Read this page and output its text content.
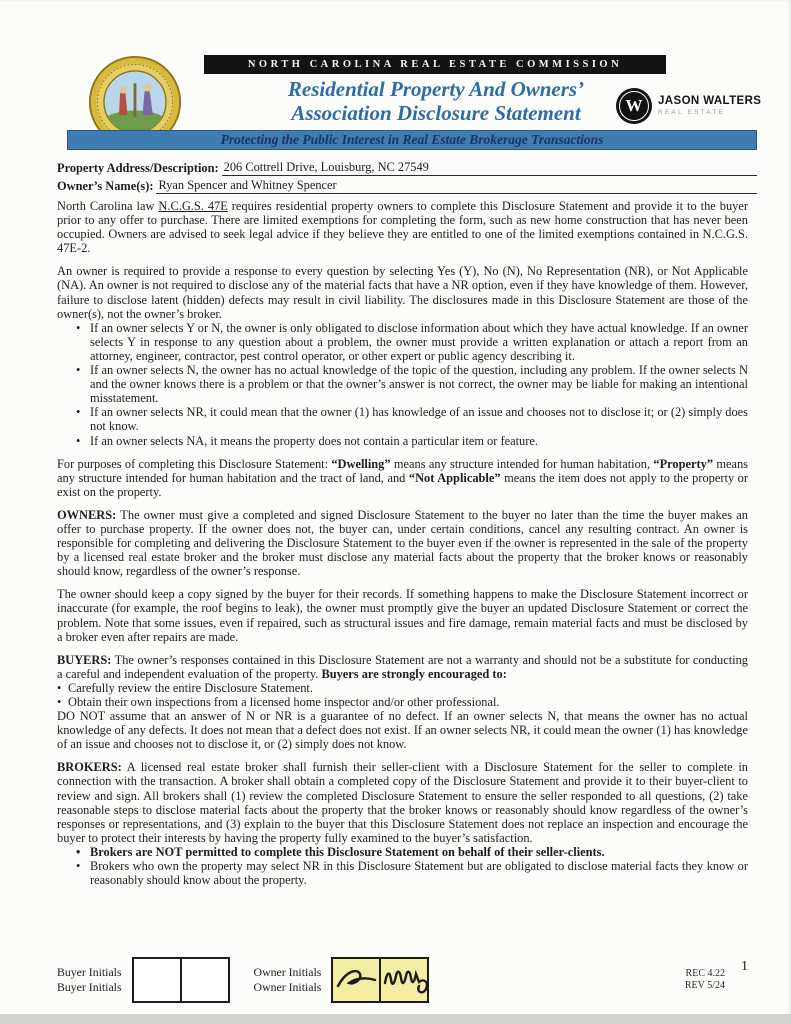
NORTH CAROLINA REAL ESTATE COMMISSION
Residential Property And Owners’
Association Disclosure Statement	W JASON WALTERS
REAL ESTATE
Protecting the Public Interest in Real Estate Brokerage Transactions
Property Address/Description: 206 Cottrell Drive, Louisburg, NC 27549
Owner’s Name(s): Ryan Spencer and Whitney Spencer

North Carolina law N.C.G.S. 47E requires residential property owners to complete this Disclosure Statement and provide it to the buyer prior to any offer to purchase. There are limited exemptions for completing the form, such as new home construction that has never been occupied. Owners are advised to seek legal advice if they believe they are entitled to one of the limited exemptions contained in N.C.G.S. 47E-2.

An owner is required to provide a response to every question by selecting Yes (Y), No (N), No Representation (NR), or Not Applicable (NA). An owner is not required to disclose any of the material facts that have a NR option, even if they have knowledge of them. However, failure to disclose latent (hidden) defects may result in civil liability. The disclosures made in this Disclosure Statement are those of the owner(s), not the owner’s broker.

• If an owner selects Y or N, the owner is only obligated to disclose information about which they have actual knowledge. If an owner selects Y in response to any question about a problem, the owner must provide a written explanation or attach a report from an attorney, engineer, contractor, pest control operator, or other expert or public agency describing it.
• If an owner selects N, the owner has no actual knowledge of the topic of the question, including any problem. If the owner selects N and the owner knows there is a problem or that the owner’s answer is not correct, the owner may be liable for making an intentional misstatement.
• If an owner selects NR, it could mean that the owner (1) has knowledge of an issue and chooses not to disclose it; or (2) simply does not know.
• If an owner selects NA, it means the property does not contain a particular item or feature.

For purposes of completing this Disclosure Statement: “Dwelling” means any structure intended for human habitation, “Property” means any structure intended for human habitation and the tract of land, and “Not Applicable” means the item does not apply to the property or exist on the property.

OWNERS: The owner must give a completed and signed Disclosure Statement to the buyer no later than the time the buyer makes an offer to purchase property. If the owner does not, the buyer can, under certain conditions, cancel any resulting contract. An owner is responsible for completing and delivering the Disclosure Statement to the buyer even if the owner is represented in the sale of the property by a licensed real estate broker and the broker must disclose any material facts about the property that the broker knows or reasonably should know, regardless of the owner’s response.

The owner should keep a copy signed by the buyer for their records. If something happens to make the Disclosure Statement incorrect or inaccurate (for example, the roof begins to leak), the owner must promptly give the buyer an updated Disclosure Statement or correct the problem. Note that some issues, even if repaired, such as structural issues and fire damage, remain material facts and must be disclosed by a broker even after repairs are made.

BUYERS: The owner’s responses contained in this Disclosure Statement are not a warranty and should not be a substitute for conducting a careful and independent evaluation of the property. Buyers are strongly encouraged to:

• Carefully review the entire Disclosure Statement.
• Obtain their own inspections from a licensed home inspector and/or other professional.

DO NOT assume that an answer of N or NR is a guarantee of no defect. If an owner selects N, that means the owner has no actual knowledge of any defects. It does not mean that a defect does not exist. If an owner selects NR, it could mean the owner (1) has knowledge of an issue and chooses not to disclose it, or (2) simply does not know.

BROKERS: A licensed real estate broker shall furnish their seller-client with a Disclosure Statement for the seller to complete in connection with the transaction. A broker shall obtain a completed copy of the Disclosure Statement and provide it to their buyer-client to review and sign. All brokers shall (1) review the completed Disclosure Statement to ensure the seller responded to all questions, (2) take reasonable steps to disclose material facts about the property that the broker knows or reasonably should know regardless of the owner’s responses or representations, and (3) explain to the buyer that this Disclosure Statement does not replace an inspection and encourage the buyer to protect their interests by having the property fully examined to the buyer’s satisfaction.

• Brokers are NOT permitted to complete this Disclosure Statement on behalf of their seller-clients.
• Brokers who own the property may select NR in this Disclosure Statement but are obligated to disclose material facts they know or reasonably should know about the property.
Buyer Initials
Buyer Initials
Owner Initials
Owner Initials
REC 4.22
REV 5/24
1
